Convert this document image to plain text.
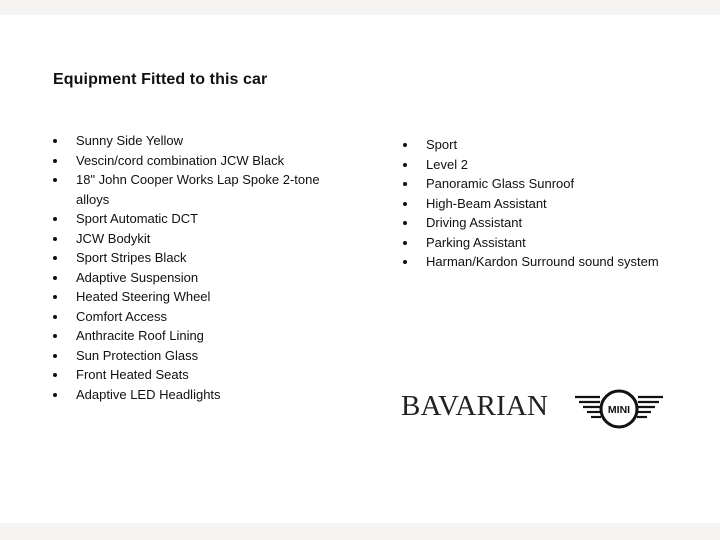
Equipment Fitted to this car
Sunny Side Yellow
Vescin/cord combination JCW Black
18" John Cooper Works Lap Spoke 2-tone alloys
Sport Automatic DCT
JCW Bodykit
Sport Stripes Black
Adaptive Suspension
Heated Steering Wheel
Comfort Access
Anthracite Roof Lining
Sun Protection Glass
Front Heated Seats
Adaptive LED Headlights
Sport
Level 2
Panoramic Glass Sunroof
High-Beam Assistant
Driving Assistant
Parking Assistant
Harman/Kardon Surround sound system
BAVARIAN	MINI
